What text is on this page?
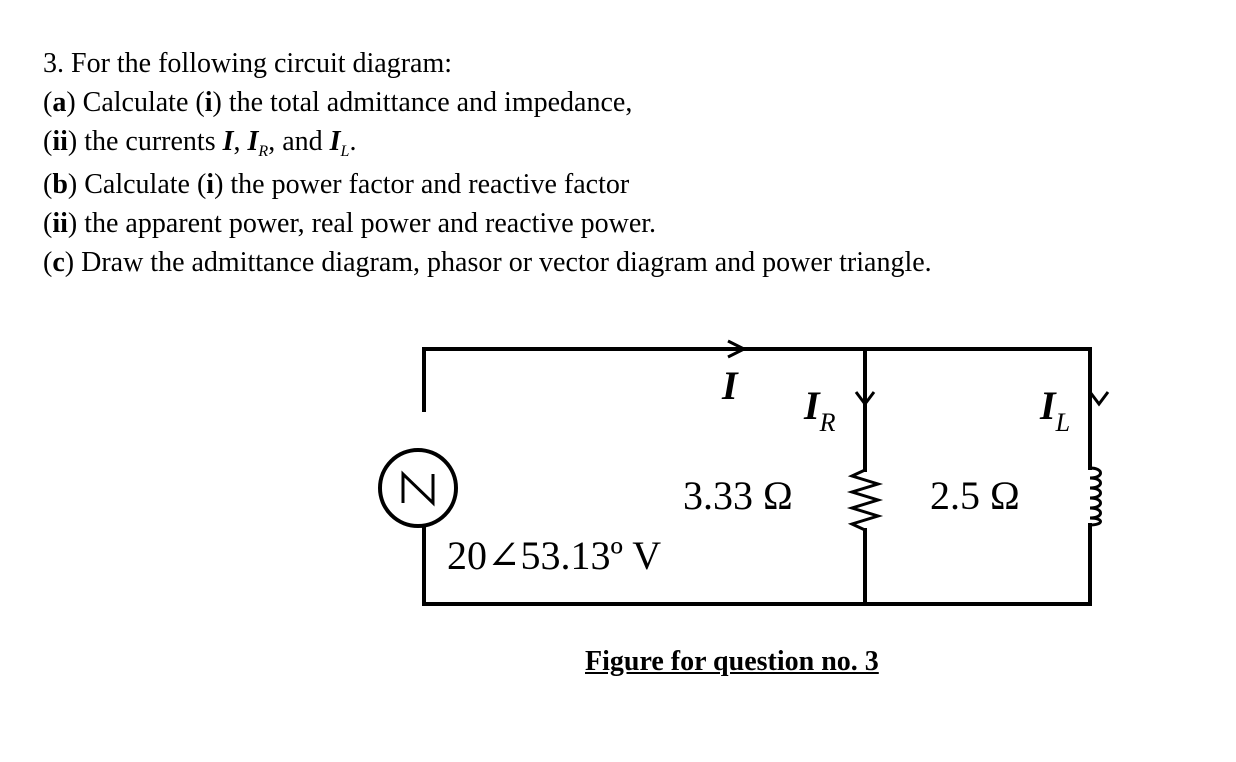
3. For the following circuit diagram:
(a) Calculate (i) the total admittance and impedance,
(ii) the currents I, $I_R$, and $I_L$.
(b) Calculate (i) the power factor and reactive factor
(ii) the apparent power, real power and reactive power.
(c) Draw the admittance diagram, phasor or vector diagram and power triangle.
I $I_R$	$I_L$
3.33 Ω	2.5 Ω
20∠53.13º V
Figure for question no. 3
